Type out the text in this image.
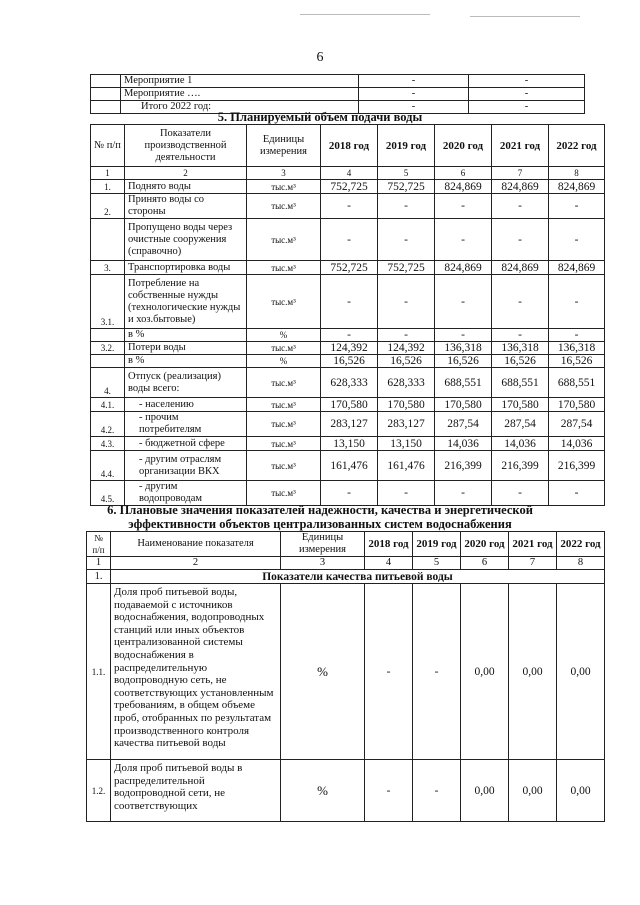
6
	Мероприятие 1	-	-
	Мероприятие ….	-	-
	Итого 2022 год:	-	-
5. Планируемый объем подачи воды
№ п/п	Показатели производственной деятельности	Единицы измерения	2018 год	2019 год	2020 год	2021 год	2022 год
1	2	3	4	5	6	7	8
1.	Поднято воды	тыс.м³	752,725	752,725	824,869	824,869	824,869
2.	Принято воды со стороны	тыс.м³	-	-	-	-	-
	Пропущено воды через очистные сооружения (справочно)	тыс.м³	-	-	-	-	-
3.	Транспортировка воды	тыс.м³	752,725	752,725	824,869	824,869	824,869
3.1.	Потребление на собственные нужды (технологические нужды и хоз.бытовые)	тыс.м³	-	-	-	-	-
	в %	%	-	-	-	-	-
3.2.	Потери воды	тыс.м³	124,392	124,392	136,318	136,318	136,318
	в %	%	16,526	16,526	16,526	16,526	16,526
4.	Отпуск (реализация) воды всего:	тыс.м³	628,333	628,333	688,551	688,551	688,551
4.1.	- населению	тыс.м³	170,580	170,580	170,580	170,580	170,580
4.2.	- прочим потребителям	тыс.м³	283,127	283,127	287,54	287,54	287,54
4.3.	- бюджетной сфере	тыс.м³	13,150	13,150	14,036	14,036	14,036
4.4.	- другим отраслям организации ВКХ	тыс.м³	161,476	161,476	216,399	216,399	216,399
4.5.	- другим водопроводам	тыс.м³	-	-	-	-	-
6. Плановые значения показателей надежности, качества и энергетической
эффективности объектов централизованных систем водоснабжения
№ п/п	Наименование показателя	Единицы измерения	2018 год	2019 год	2020 год	2021 год	2022 год
1	2	3	4	5	6	7	8
1.	Показатели качества питьевой воды						
1.1.	Доля проб питьевой воды, подаваемой с источников водоснабжения, водопроводных станций или иных объектов централизованной системы водоснабжения в распределительную водопроводную сеть, не соответствующих установленным требованиям, в общем объеме проб, отобранных по результатам производственного контроля качества питьевой воды	%	-	-	0,00	0,00	0,00
1.2.	Доля проб питьевой воды в распределительной водопроводной сети, не соответствующих	%	-	-	0,00	0,00	0,00
